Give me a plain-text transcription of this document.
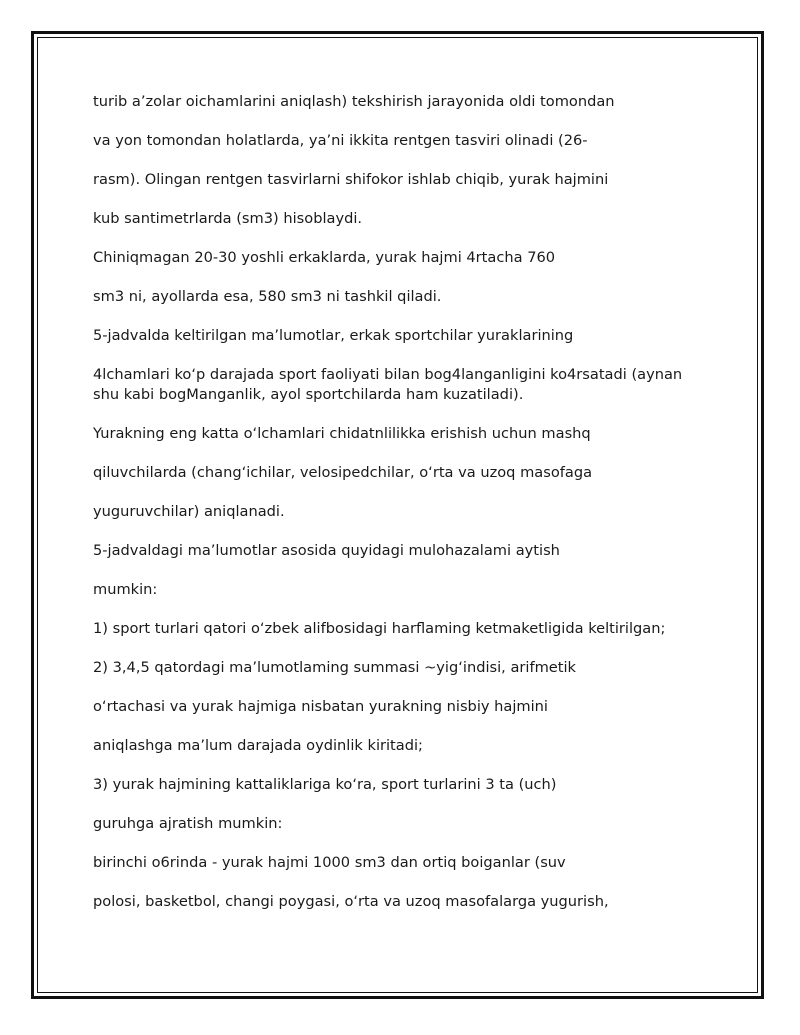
turib a’zolar oichamlarini aniqlash) tekshirish jarayonida oldi tomondan
va yon tomondan holatlarda, ya’ni ikkita rentgen tasviri olinadi (26-
rasm). Olingan rentgen tasvirlarni shifokor ishlab chiqib, yurak hajmini
kub santimetrlarda (sm3) hisoblaydi.
Chiniqmagan 20-30 yoshli erkaklarda, yurak hajmi 4rtacha 760
sm3 ni, ayollarda esa, 580 sm3 ni tashkil qiladi.
5-jadvalda keltirilgan ma’lumotlar, erkak sportchilar yuraklarining
4lchamlari ko‘p darajada sport faoliyati bilan bog4langanligini ko4rsatadi (aynan
shu kabi bogManganlik, ayol sportchilarda ham kuzatiladi).
Yurakning eng katta o‘lchamlari chidatnlilikka erishish uchun mashq
qiluvchilarda (chang‘ichilar, velosipedchilar, o‘rta va uzoq masofaga
yuguruvchilar) aniqlanadi.
5-jadvaldagi ma’lumotlar asosida quyidagi mulohazalami aytish
mumkin:
1) sport turlari qatori o‘zbek alifbosidagi harflaming ketmaketligida keltirilgan;
2) 3,4,5 qatordagi ma’lumotlaming summasi ~yig‘indisi, arifmetik
o‘rtachasi va yurak hajmiga nisbatan yurakning nisbiy hajmini
aniqlashga ma’lum darajada oydinlik kiritadi;
3) yurak hajmining kattaliklariga ko‘ra, sport turlarini 3 ta (uch)
guruhga ajratish mumkin:
birinchi o6rinda - yurak hajmi 1000 sm3 dan ortiq boiganlar (suv
polosi, basketbol, changi poygasi, o‘rta va uzoq masofalarga yugurish,
